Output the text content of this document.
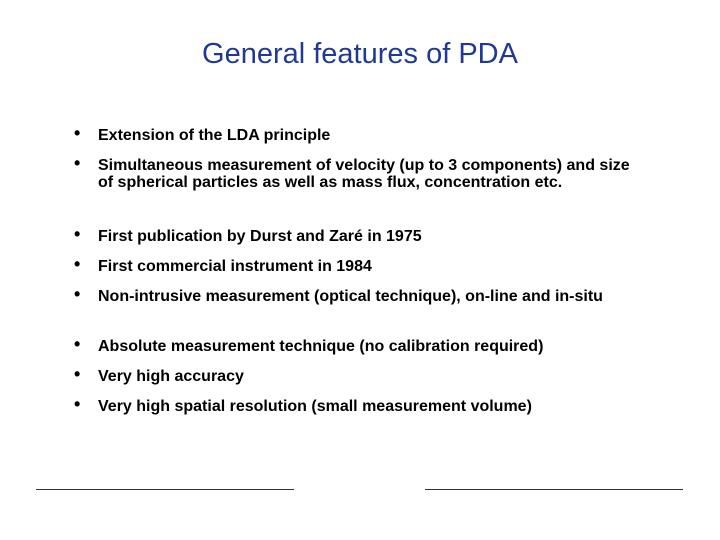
General features of PDA
• Extension of the LDA principle
• Simultaneous measurement of velocity (up to 3 components) and size of spherical particles as well as mass flux, concentration etc.
• First publication by Durst and Zaré in 1975
• First commercial instrument in 1984
• Non-intrusive measurement (optical technique), on-line and in-situ
• Absolute measurement technique (no calibration required)
• Very high accuracy
• Very high spatial resolution (small measurement volume)
